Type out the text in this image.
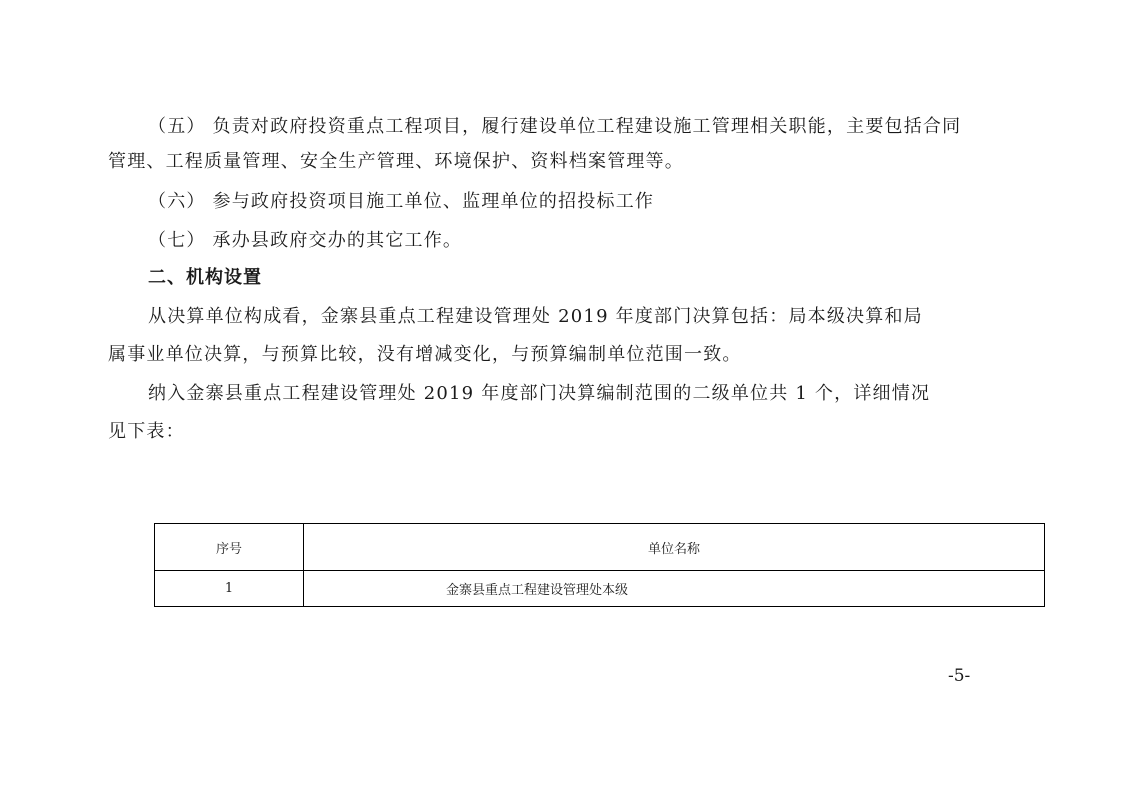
（五） 负责对政府投资重点工程项目，履行建设单位工程建设施工管理相关职能，主要包括合同
管理、工程质量管理、安全生产管理、环境保护、资料档案管理等。
（六） 参与政府投资项目施工单位、监理单位的招投标工作
（七） 承办县政府交办的其它工作。
二、机构设置
从决算单位构成看，金寨县重点工程建设管理处 2019 年度部门决算包括：局本级决算和局
属事业单位决算，与预算比较，没有增减变化，与预算编制单位范围一致。
纳入金寨县重点工程建设管理处 2019 年度部门决算编制范围的二级单位共 1 个，详细情况
见下表：
序号	单位名称
1	金寨县重点工程建设管理处本级
-5-
